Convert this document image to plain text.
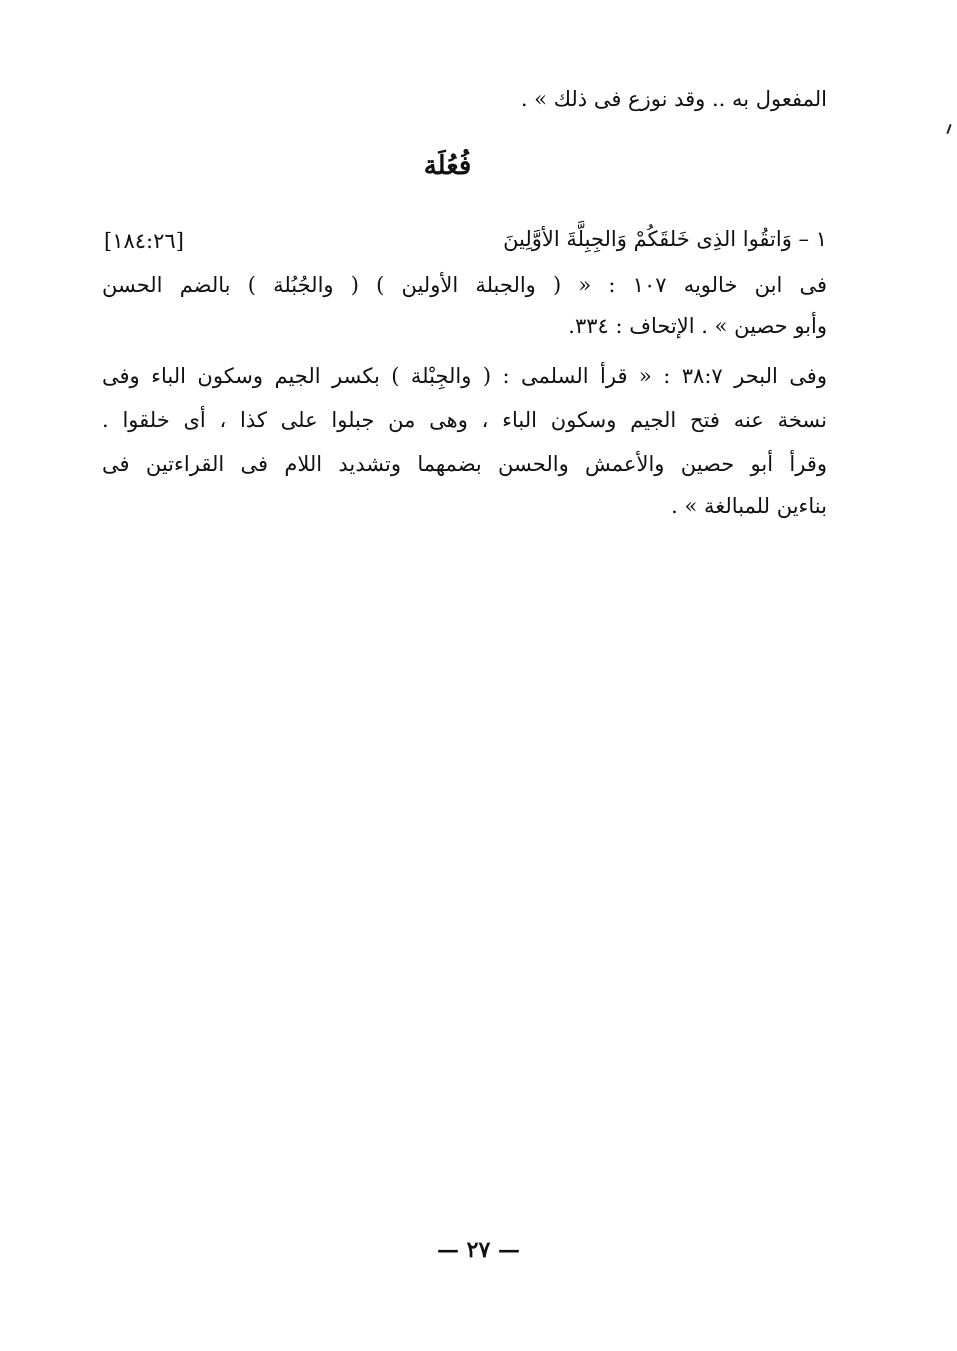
المفعول به .. وقد نوزع فى ذلك » .
فُعُلَة
١ – وَاتقُوا الذِى خَلقَكُمْ وَالجِبِلَّةَ الأوَّلِينَ
[١٨٤:٢٦]
فى ابن خالويه ١٠٧ : « ( والجبلة الأولين ) ( والجُبُلة ) بالضم الحسن
وأبو حصين » . الإتحاف : ٣٣٤.
وفى البحر ٣٨:٧ : « قرأ السلمى : ( والجِبْلة ) بكسر الجيم وسكون الباء وفى
نسخة عنه فتح الجيم وسكون الباء ، وهى من جبلوا على كذا ، أى خلقوا .
وقرأ أبو حصين والأعمش والحسن بضمهما وتشديد اللام فى القراءتين فى
بناءين للمبالغة » .
— ٢٧ —
